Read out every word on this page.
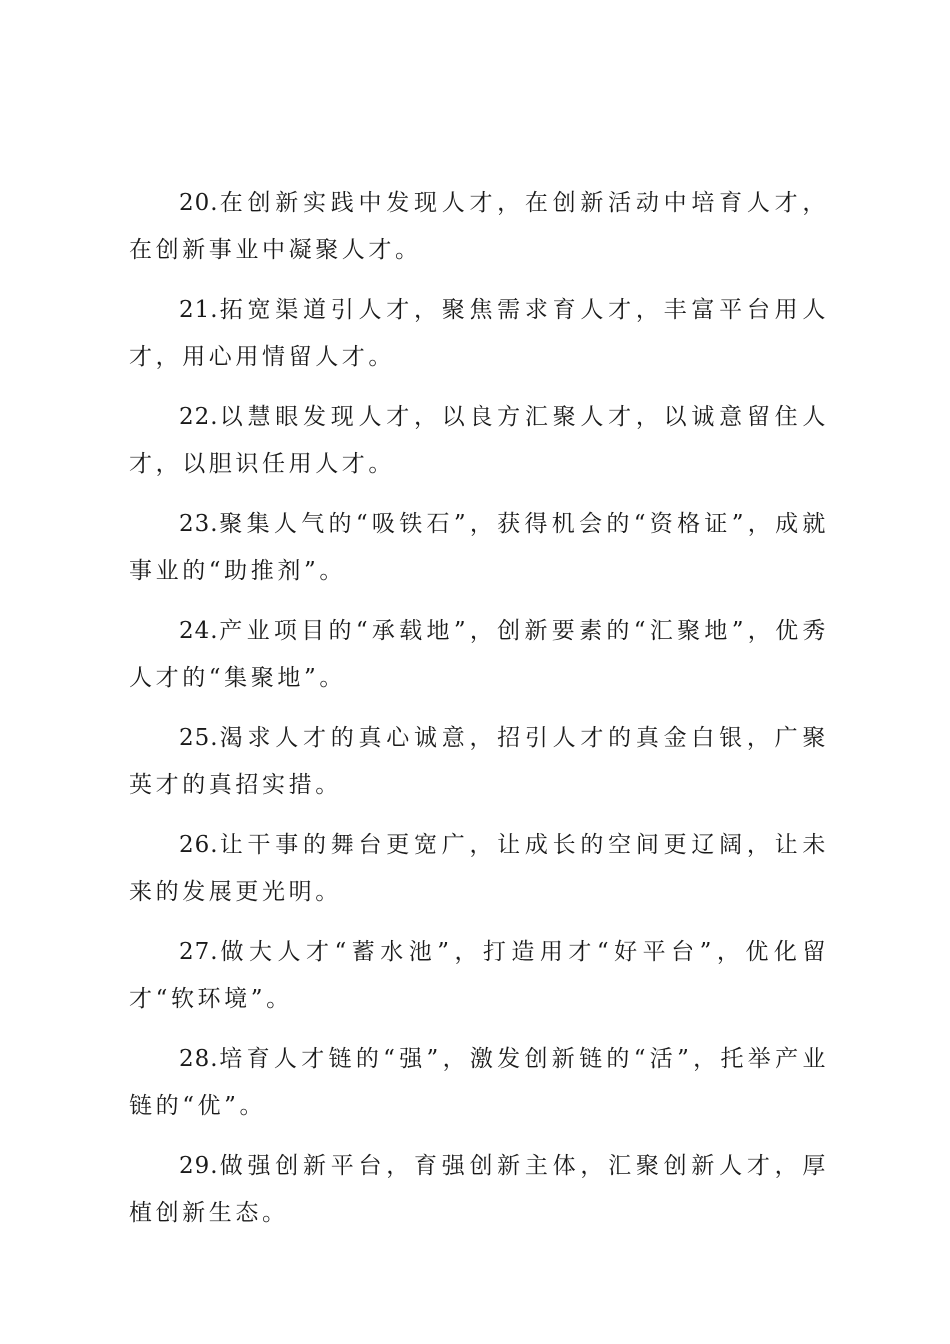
20.在创新实践中发现人才，在创新活动中培育人才，在创新事业中凝聚人才。

21.拓宽渠道引人才，聚焦需求育人才，丰富平台用人才，用心用情留人才。

22.以慧眼发现人才，以良方汇聚人才，以诚意留住人才，以胆识任用人才。

23.聚集人气的“吸铁石”，获得机会的“资格证”，成就事业的“助推剂”。

24.产业项目的“承载地”，创新要素的“汇聚地”，优秀人才的“集聚地”。

25.渴求人才的真心诚意，招引人才的真金白银，广聚英才的真招实措。

26.让干事的舞台更宽广，让成长的空间更辽阔，让未来的发展更光明。

27.做大人才“蓄水池”，打造用才“好平台”，优化留才“软环境”。

28.培育人才链的“强”，激发创新链的“活”，托举产业链的“优”。

29.做强创新平台，育强创新主体，汇聚创新人才，厚植创新生态。
